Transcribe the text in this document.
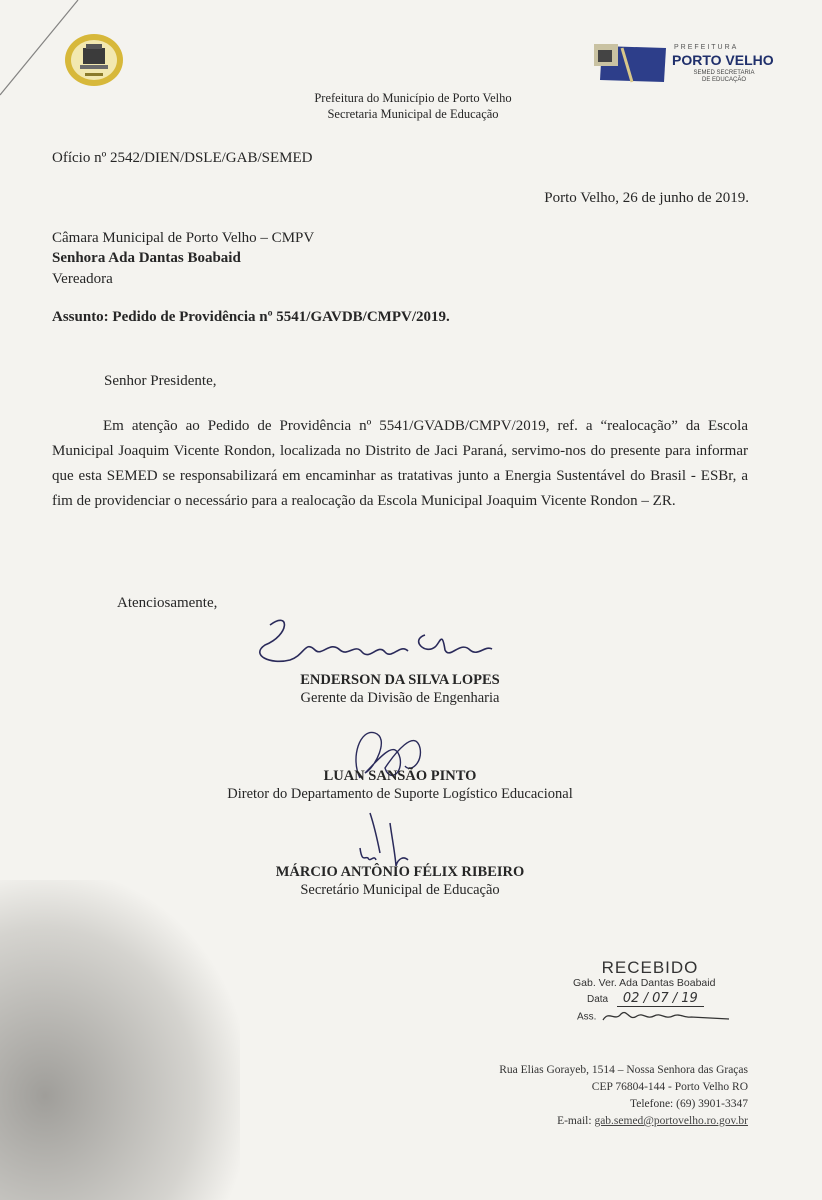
PREFEITURA
PORTO VELHO
SEMED SECRETARIA
DE EDUCAÇÃO
Prefeitura do Município de Porto Velho
Secretaria Municipal de Educação
Ofício nº 2542/DIEN/DSLE/GAB/SEMED
Porto Velho, 26 de junho de 2019.
Câmara Municipal de Porto Velho – CMPV
Senhora Ada Dantas Boabaid
Vereadora
Assunto: Pedido de Providência nº 5541/GAVDB/CMPV/2019.
Senhor Presidente,
Em atenção ao Pedido de Providência nº 5541/GVADB/CMPV/2019, ref. a “realocação” da Escola Municipal Joaquim Vicente Rondon, localizada no Distrito de Jaci Paraná, servimo-nos do presente para informar que esta SEMED se responsabilizará em encaminhar as tratativas junto a Energia Sustentável do Brasil - ESBr, a fim de providenciar o necessário para a realocação da Escola Municipal Joaquim Vicente Rondon – ZR.
Atenciosamente,
ENDERSON DA SILVA LOPES
Gerente da Divisão de Engenharia
LUAN SANSÃO PINTO
Diretor do Departamento de Suporte Logístico Educacional
MÁRCIO ANTÔNIO FÉLIX RIBEIRO
Secretário Municipal de Educação
RECEBIDO
Gab. Ver. Ada Dantas Boabaid
Data 02 / 07 / 19
Ass.
Rua Elias Gorayeb, 1514 – Nossa Senhora das Graças
CEP 76804-144 - Porto Velho RO
Telefone: (69) 3901-3347
E-mail: gab.semed@portovelho.ro.gov.br
